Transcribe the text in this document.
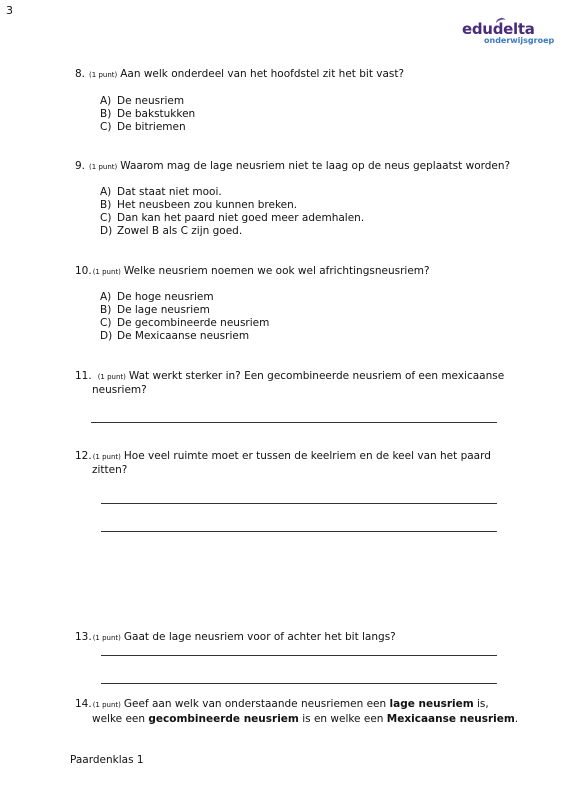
3
edudelta
onderwijsgroep
8. (1 punt) Aan welk onderdeel van het hoofdstel zit het bit vast?
A) De neusriem
B) De bakstukken
C) De bitriemen
9. (1 punt) Waarom mag de lage neusriem niet te laag op de neus geplaatst worden?
A) Dat staat niet mooi.
B) Het neusbeen zou kunnen breken.
C) Dan kan het paard niet goed meer ademhalen.
D) Zowel B als C zijn goed.
10.(1 punt) Welke neusriem noemen we ook wel africhtingsneusriem?
A) De hoge neusriem
B) De lage neusriem
C) De gecombineerde neusriem
D) De Mexicaanse neusriem
11. (1 punt) Wat werkt sterker in? Een gecombineerde neusriem of een mexicaanse
neusriem?
12.(1 punt) Hoe veel ruimte moet er tussen de keelriem en de keel van het paard
zitten?
13.(1 punt) Gaat de lage neusriem voor of achter het bit langs?
14.(1 punt) Geef aan welk van onderstaande neusriemen een lage neusriem is,
welke een gecombineerde neusriem is en welke een Mexicaanse neusriem.
Paardenklas 1
